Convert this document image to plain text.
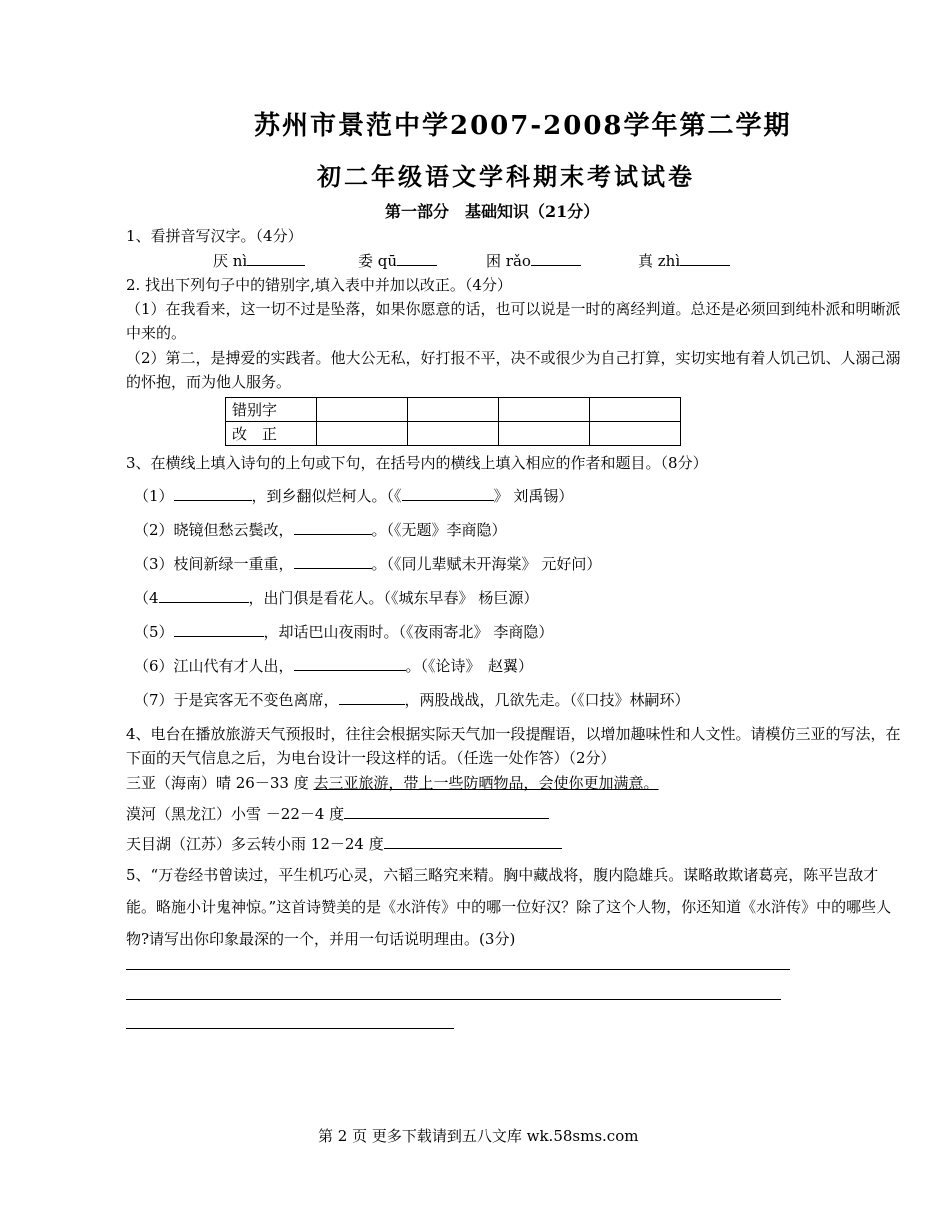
苏州市景范中学2007-2008学年第二学期
初二年级语文学科期末考试试卷
第一部分　基础知识（21分）
1、看拼音写汉字。（4分）
厌 nì	委 qū	困 rǎo	真 zhì
2. 找出下列句子中的错别字,填入表中并加以改正。（4分）
（1）在我看来，这一切不过是坠落，如果你愿意的话，也可以说是一时的离经判道。总还是必须回到纯朴派和明晰派中来的。
（2）第二，是搏爱的实践者。他大公无私，好打报不平，决不或很少为自己打算，实切实地有着人饥己饥、人溺己溺的怀抱，而为他人服务。
错别字				
改　正				
3、在横线上填入诗句的上句或下句，在括号内的横线上填入相应的作者和题目。（8分）
（1）	，到乡翻似烂柯人。（《	》 刘禹锡）
（2）晓镜但愁云鬓改，	。（《无题》李商隐）
（3）枝间新绿一重重，	。（《同儿辈赋未开海棠》 元好问）
（4	，出门俱是看花人。（《城东早春》 杨巨源）
（5）	，却话巴山夜雨时。（《夜雨寄北》 李商隐）
（6）江山代有才人出，	。（《论诗》　赵翼）
（7）于是宾客无不变色离席，	，两股战战，几欲先走。（《口技》林嗣环）
4、电台在播放旅游天气预报时，往往会根据实际天气加一段提醒语，以增加趣味性和人文性。请模仿三亚的写法，在下面的天气信息之后，为电台设计一段这样的话。（任选一处作答）（2分）
三亚（海南）晴 26－33 度 去三亚旅游，带上一些防晒物品，会使你更加满意。
漠河（黑龙江）小雪 －22－4 度
天目湖（江苏）多云转小雨 12－24 度
5、“万卷经书曾读过，平生机巧心灵，六韬三略究来精。胸中藏战将，腹内隐雄兵。谋略敢欺诸葛亮，陈平岂敌才能。略施小计鬼神惊。”这首诗赞美的是《水浒传》中的哪一位好汉？除了这个人物，你还知道《水浒传》中的哪些人物?请写出你印象最深的一个，并用一句话说明理由。(3分)
第 2 页 更多下载请到五八文库 wk.58sms.com
